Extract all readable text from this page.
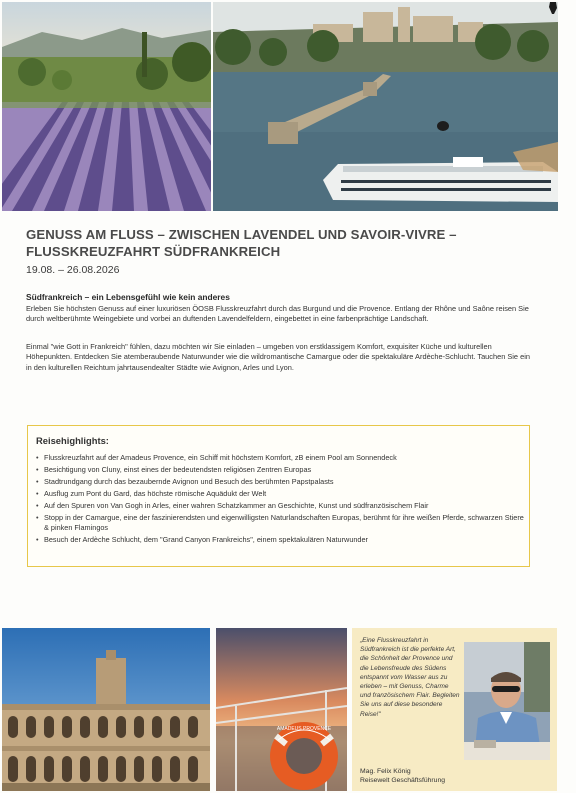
GENUSS AM FLUSS – ZWISCHEN LAVENDEL UND SAVOIR-VIVRE – FLUSSKREUZFAHRT SÜDFRANKREICH
19.08. – 26.08.2026
Südfrankreich – ein Lebensgefühl wie kein anderes
Erleben Sie höchsten Genuss auf einer luxuriösen ÖOSB Flusskreuzfahrt durch das Burgund und die Provence. Entlang der Rhône und Saône reisen Sie durch weltberühmte Weingebiete und vorbei an duftenden Lavendelfeldern, eingebettet in eine farbenprächtige Landschaft.
Einmal "wie Gott in Frankreich" fühlen, dazu möchten wir Sie einladen – umgeben von erstklassigem Komfort, exquisiter Küche und kulturellen Höhepunkten. Entdecken Sie atemberaubende Naturwunder wie die wildromantische Camargue oder die spektakuläre Ardèche-Schlucht. Tauchen Sie ein in den kulturellen Reichtum jahrtausendealter Städte wie Avignon, Arles und Lyon.
Reisehighlights:
• Flusskreuzfahrt auf der Amadeus Provence, ein Schiff mit höchstem Komfort, zB einem Pool am Sonnendeck
• Besichtigung von Cluny, einst eines der bedeutendsten religiösen Zentren Europas
• Stadtrundgang durch das bezaubernde Avignon und Besuch des berühmten Papstpalasts
• Ausflug zum Pont du Gard, das höchste römische Aquädukt der Welt
• Auf den Spuren von Van Gogh in Arles, einer wahren Schatzkammer an Geschichte, Kunst und südfranzösischem Flair
• Stopp in der Camargue, eine der faszinierendsten und eigenwilligsten Naturlandschaften Europas, berühmt für ihre weißen Pferde, schwarzen Stiere & pinken Flamingos
• Besuch der Ardèche Schlucht, dem "Grand Canyon Frankreichs", einem spektakulären Naturwunder
AMADEUS PROVENCE
„Eine Flusskreuzfahrt in Südfrankreich ist die perfekte Art, die Schönheit der Provence und die Lebensfreude des Südens entspannt vom Wasser aus zu erleben – mit Genuss, Charme und französischem Flair. Begleiten Sie uns auf diese besondere Reise!"
Mag. Felix König
Reisewelt Geschäftsführung
